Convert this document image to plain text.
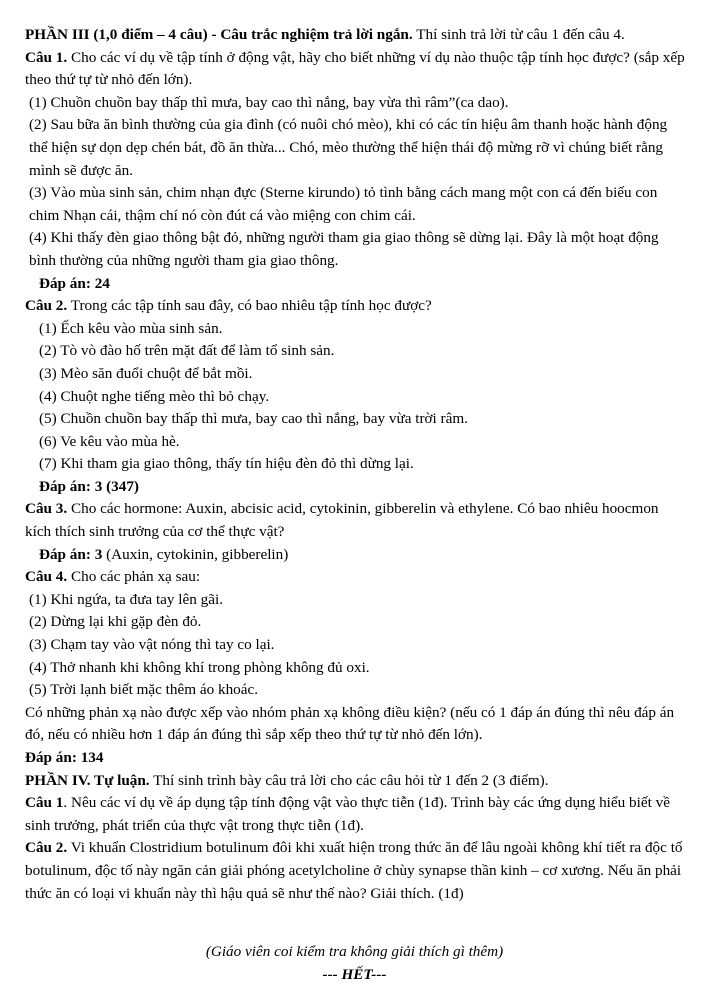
PHẦN III (1,0 điểm – 4 câu) - Câu trắc nghiệm trả lời ngắn. Thí sinh trả lời từ câu 1 đến câu 4.

Câu 1. Cho các ví dụ về tập tính ở động vật, hãy cho biết những ví dụ nào thuộc tập tính học được? (sắp xếp theo thứ tự từ nhỏ đến lớn).

(1) Chuồn chuồn bay thấp thì mưa, bay cao thì nắng, bay vừa thì râm”(ca dao).

(2) Sau bữa ăn bình thường của gia đình (có nuôi chó mèo), khi có các tín hiệu âm thanh hoặc hành động thể hiện sự dọn dẹp chén bát, đồ ăn thừa... Chó, mèo thường thể hiện thái độ mừng rỡ vì chúng biết rằng mình sẽ được ăn.

(3) Vào mùa sinh sản, chim nhạn đực (Sterne kirundo) tỏ tình bằng cách mang một con cá đến biếu con chim Nhạn cái, thậm chí nó còn đút cá vào miệng con chim cái.

(4) Khi thấy đèn giao thông bật đỏ, những người tham gia giao thông sẽ dừng lại. Đây là một hoạt động bình thường của những người tham gia giao thông.

Đáp án: 24

Câu 2. Trong các tập tính sau đây, có bao nhiêu tập tính học được?

(1) Ếch kêu vào mùa sinh sản.

(2) Tò vò đào hố trên mặt đất để làm tổ sinh sản.

(3) Mèo săn đuổi chuột để bắt mồi.

(4) Chuột nghe tiếng mèo thì bỏ chạy.

(5) Chuồn chuồn bay thấp thì mưa, bay cao thì nắng, bay vừa trời râm.

(6) Ve kêu vào mùa hè.

(7) Khi tham gia giao thông, thấy tín hiệu đèn đỏ thì dừng lại.

Đáp án: 3 (347)

Câu 3. Cho các hormone: Auxin, abcisic acid, cytokinin, gibberelin và ethylene. Có bao nhiêu hoocmon kích thích sinh trưởng của cơ thể thực vật?

Đáp án: 3 (Auxin, cytokinin, gibberelin)

Câu 4. Cho các phản xạ sau:

(1) Khi ngứa, ta đưa tay lên gãi.

(2) Dừng lại khi gặp đèn đỏ.

(3) Chạm tay vào vật nóng thì tay co lại.

(4) Thở nhanh khi không khí trong phòng không đủ oxi.

(5) Trời lạnh biết mặc thêm áo khoác.

Có những phản xạ nào được xếp vào nhóm phản xạ không điều kiện? (nếu có 1 đáp án đúng thì nêu đáp án đó, nếu có nhiều hơn 1 đáp án đúng thì sắp xếp theo thứ tự từ nhỏ đến lớn).

Đáp án: 134

PHẦN IV. Tự luận. Thí sinh trình bày câu trả lời cho các câu hỏi từ 1 đến 2 (3 điểm).

Câu 1. Nêu các ví dụ về áp dụng tập tính động vật vào thực tiễn (1đ). Trình bày các ứng dụng hiểu biết về sinh trưởng, phát triển của thực vật trong thực tiễn (1đ).

Câu 2. Vi khuẩn Clostridium botulinum đôi khi xuất hiện trong thức ăn để lâu ngoài không khí tiết ra độc tố botulinum, độc tố này ngăn cản giải phóng acetylcholine ở chùy synapse thần kinh – cơ xương. Nếu ăn phải thức ăn có loại vi khuẩn này thì hậu quả sẽ như thế nào? Giải thích. (1đ)

(Giáo viên coi kiểm tra không giải thích gì thêm)

--- HẾT---
